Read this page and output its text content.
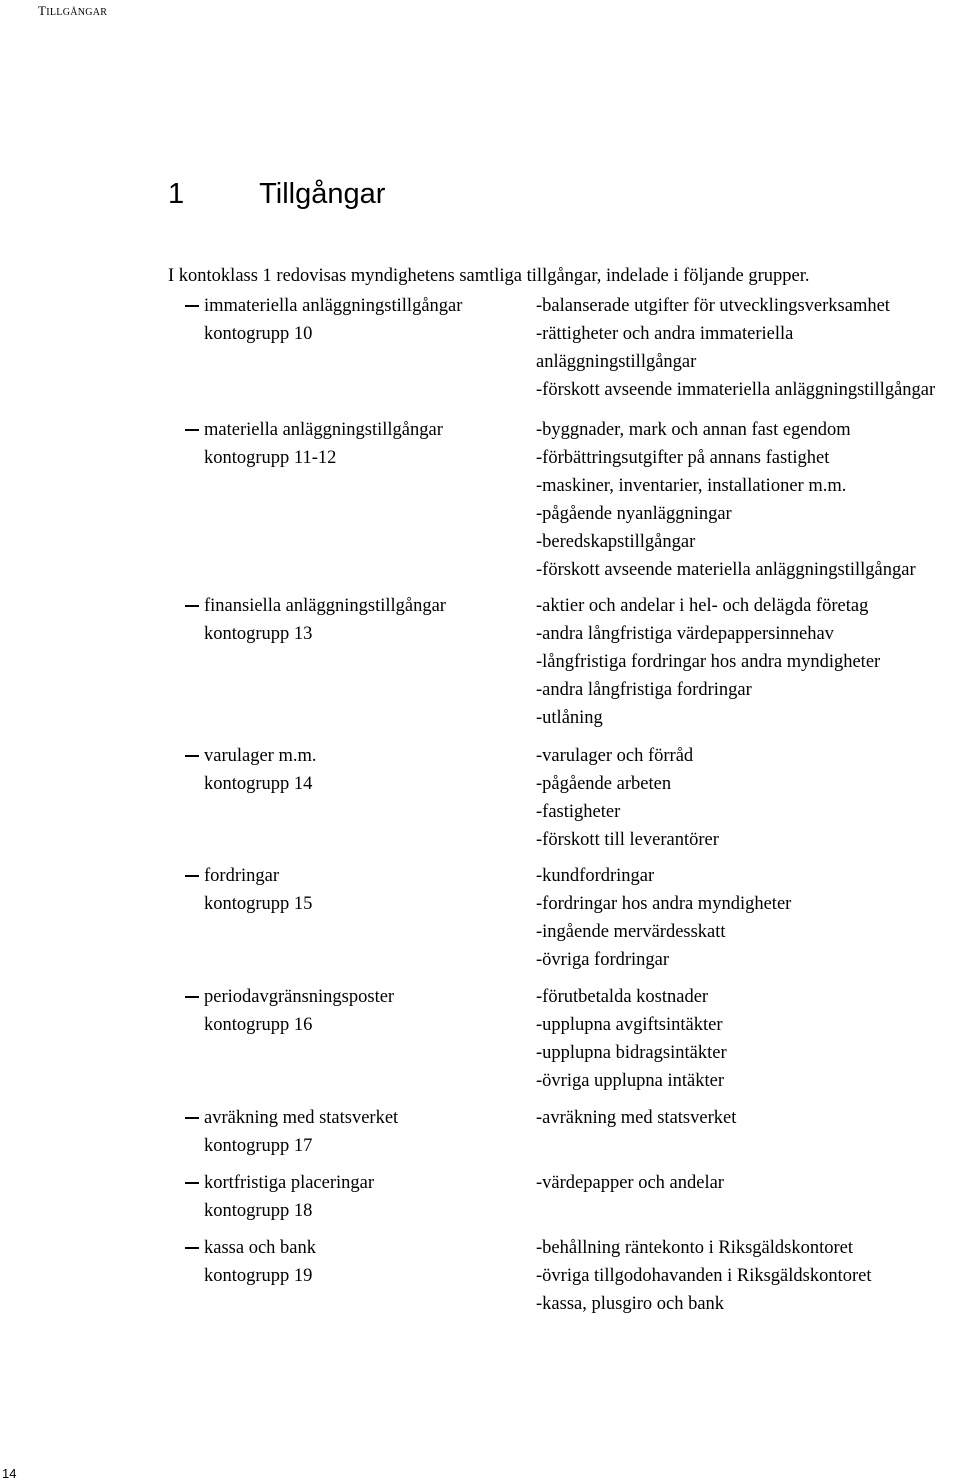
TILLGÅNGAR
1	Tillgångar
I kontoklass 1 redovisas myndighetens samtliga tillgångar, indelade i följande grupper.
immateriella anläggningstillgångar
kontogrupp 10
-balanserade utgifter för utvecklingsverksamhet
-rättigheter och andra immateriella
anläggningstillgångar
-förskott avseende immateriella anläggningstillgångar
materiella anläggningstillgångar
kontogrupp 11-12
-byggnader, mark och annan fast egendom
-förbättringsutgifter på annans fastighet
-maskiner, inventarier, installationer m.m.
-pågående nyanläggningar
-beredskapstillgångar
-förskott avseende materiella anläggningstillgångar
finansiella anläggningstillgångar
kontogrupp 13
-aktier och andelar i hel- och delägda företag
-andra långfristiga värdepappersinnehav
-långfristiga fordringar hos andra myndigheter
-andra långfristiga fordringar
-utlåning
varulager m.m.
kontogrupp 14
-varulager och förråd
-pågående arbeten
-fastigheter
-förskott till leverantörer
fordringar
kontogrupp 15
-kundfordringar
-fordringar hos andra myndigheter
-ingående mervärdesskatt
-övriga fordringar
periodavgränsningsposter
kontogrupp 16
-förutbetalda kostnader
-upplupna avgiftsintäkter
-upplupna bidragsintäkter
-övriga upplupna intäkter
avräkning med statsverket
kontogrupp 17
-avräkning med statsverket
kortfristiga placeringar
kontogrupp 18
-värdepapper och andelar
kassa och bank
kontogrupp 19
-behållning räntekonto i Riksgäldskontoret
-övriga tillgodohavanden i Riksgäldskontoret
-kassa, plusgiro och bank
14
